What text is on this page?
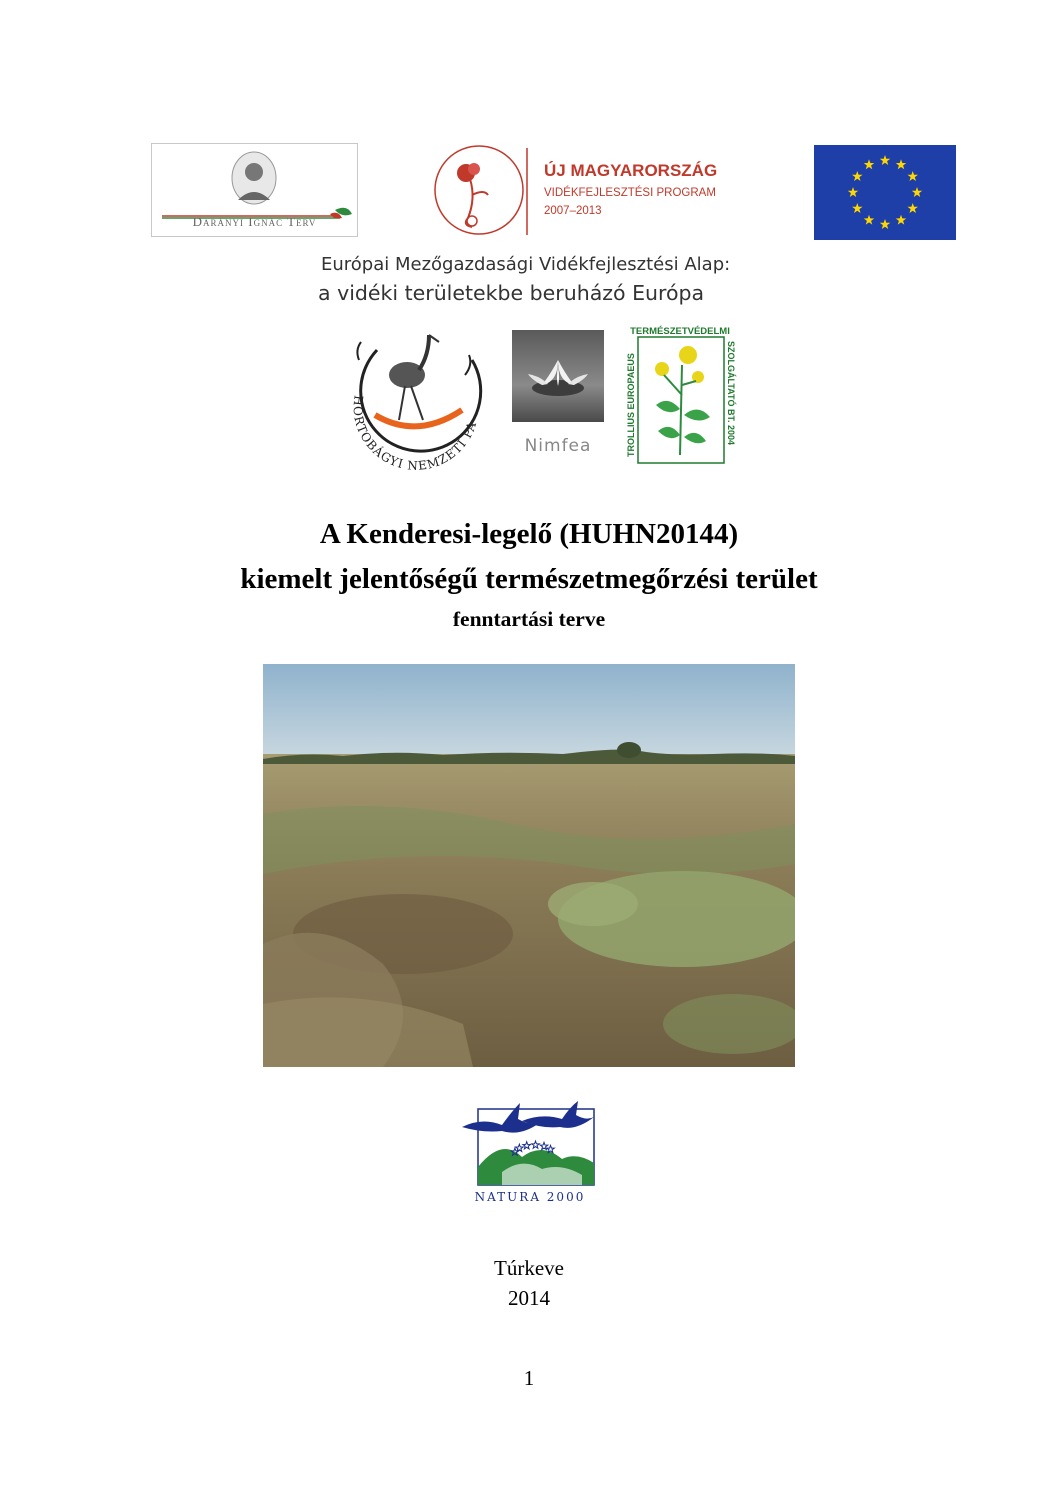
Darányi Ignác Terv
ÚJ MAGYARORSZÁG
VIDÉKFEJLESZTÉSI PROGRAM
2007–2013
Európai Mezőgazdasági Vidékfejlesztési Alap:
a vidéki területekbe beruházó Európa
HORTOBÁGYI NEMZETI PA
Nimfea
TERMÉSZETVÉDELMI
TROLLIUS EUROPAEUS	SZOLGÁLTATÓ BT. 2004
A Kenderesi-legelő (HUHN20144)
kiemelt jelentőségű természetmegőrzési terület
fenntartási terve
NATURA 2000
Túrkeve
2014
1
